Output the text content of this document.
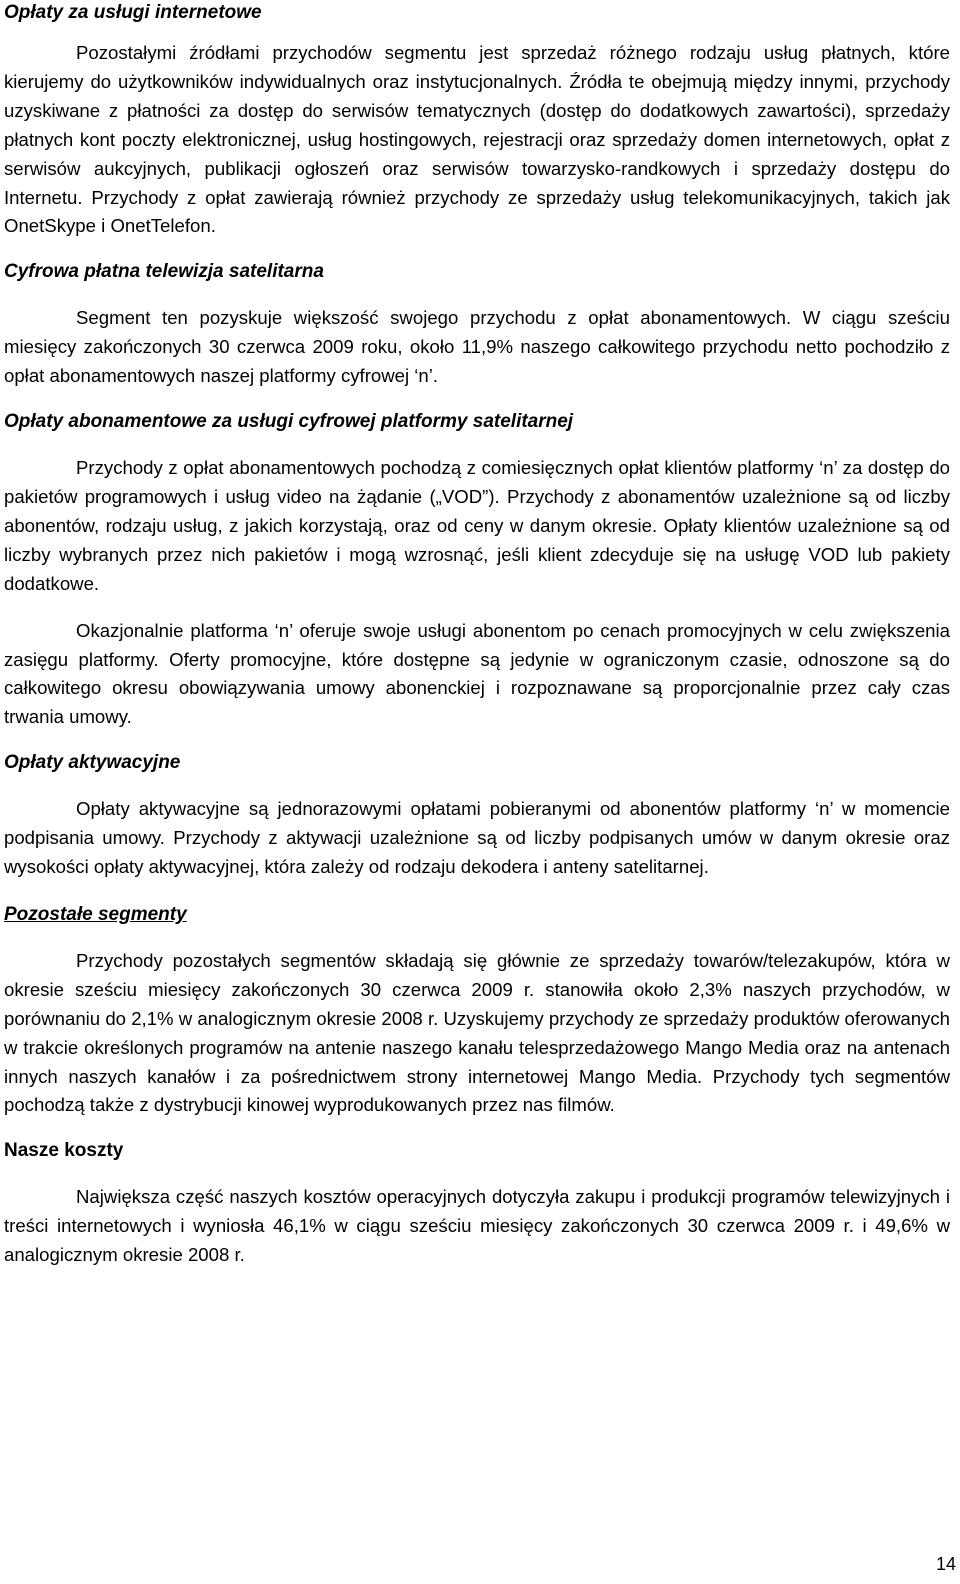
Opłaty za usługi internetowe

Pozostałymi źródłami przychodów segmentu jest sprzedaż różnego rodzaju usług płatnych, które kierujemy do użytkowników indywidualnych oraz instytucjonalnych. Źródła te obejmują między innymi, przychody uzyskiwane z płatności za dostęp do serwisów tematycznych (dostęp do dodatkowych zawartości), sprzedaży płatnych kont poczty elektronicznej, usług hostingowych, rejestracji oraz sprzedaży domen internetowych, opłat z serwisów aukcyjnych, publikacji ogłoszeń oraz serwisów towarzysko-randkowych i sprzedaży dostępu do Internetu. Przychody z opłat zawierają również przychody ze sprzedaży usług telekomunikacyjnych, takich jak OnetSkype i OnetTelefon.

Cyfrowa płatna telewizja satelitarna

Segment ten pozyskuje większość swojego przychodu z opłat abonamentowych. W ciągu sześciu miesięcy zakończonych 30 czerwca 2009 roku, około 11,9% naszego całkowitego przychodu netto pochodziło z opłat abonamentowych naszej platformy cyfrowej ‘n’.

Opłaty abonamentowe za usługi cyfrowej platformy satelitarnej

Przychody z opłat abonamentowych pochodzą z comiesięcznych opłat klientów platformy ‘n’ za dostęp do pakietów programowych i usług video na żądanie („VOD”). Przychody z abonamentów uzależnione są od liczby abonentów, rodzaju usług, z jakich korzystają, oraz od ceny w danym okresie. Opłaty klientów uzależnione są od liczby wybranych przez nich pakietów i mogą wzrosnąć, jeśli klient zdecyduje się na usługę VOD lub pakiety dodatkowe.

Okazjonalnie platforma ‘n’ oferuje swoje usługi abonentom po cenach promocyjnych w celu zwiększenia zasięgu platformy. Oferty promocyjne, które dostępne są jedynie w ograniczonym czasie, odnoszone są do całkowitego okresu obowiązywania umowy abonenckiej i rozpoznawane są proporcjonalnie przez cały czas trwania umowy.

Opłaty aktywacyjne

Opłaty aktywacyjne są jednorazowymi opłatami pobieranymi od abonentów platformy ‘n’ w momencie podpisania umowy. Przychody z aktywacji uzależnione są od liczby podpisanych umów w danym okresie oraz wysokości opłaty aktywacyjnej, która zależy od rodzaju dekodera i anteny satelitarnej.

Pozostałe segmenty

Przychody pozostałych segmentów składają się głównie ze sprzedaży towarów/telezakupów, która w okresie sześciu miesięcy zakończonych 30 czerwca 2009 r. stanowiła około 2,3% naszych przychodów, w porównaniu do 2,1% w analogicznym okresie 2008 r. Uzyskujemy przychody ze sprzedaży produktów oferowanych w trakcie określonych programów na antenie naszego kanału telesprzedażowego Mango Media oraz na antenach innych naszych kanałów i za pośrednictwem strony internetowej Mango Media. Przychody tych segmentów pochodzą także z dystrybucji kinowej wyprodukowanych przez nas filmów.

Nasze koszty

Największa część naszych kosztów operacyjnych dotyczyła zakupu i produkcji programów telewizyjnych i treści internetowych i wyniosła 46,1% w ciągu sześciu miesięcy zakończonych 30 czerwca 2009 r. i 49,6% w analogicznym okresie 2008 r.

14
